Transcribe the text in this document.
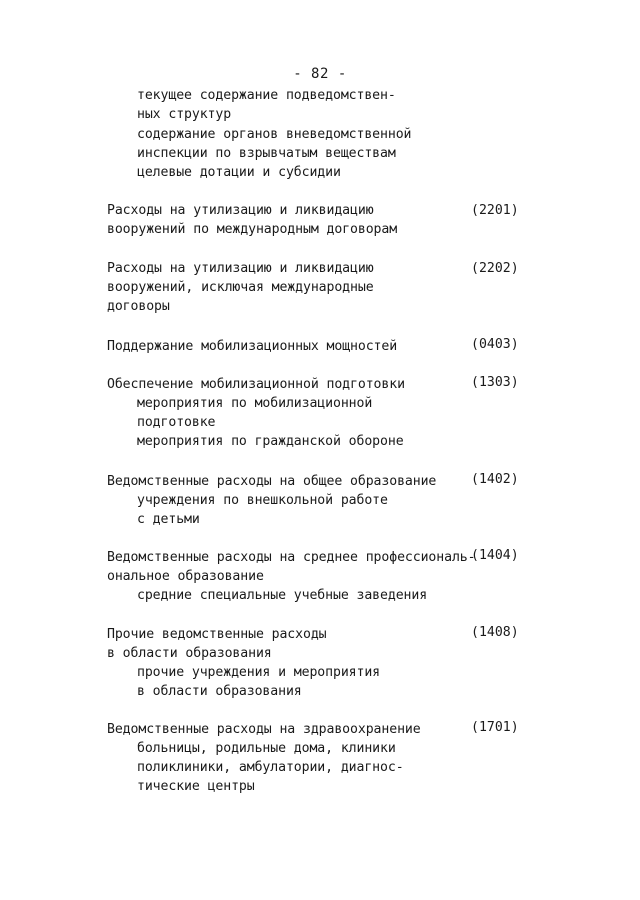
- 82 -
текущее содержание подведомствен-
ных структур
содержание органов вневедомственной
инспекции по взрывчатым веществам
целевые дотации и субсидии
Расходы на утилизацию и ликвидацию
вооружений по международным договорам
(2201)
Расходы на утилизацию и ликвидацию
вооружений, исключая международные
договоры
(2202)
Поддержание мобилизационных мощностей	(0403)
Обеспечение мобилизационной подготовки
мероприятия по мобилизационной
подготовке
мероприятия по гражданской обороне
(1303)
Ведомственные расходы на общее образование
учреждения по внешкольной работе
с детьми
(1402)
Ведомственные расходы на среднее профессиональ-
ональное образование
средние специальные учебные заведения
(1404)
Прочие ведомственные расходы
в области образования
прочие учреждения и мероприятия
в области образования
(1408)
Ведомственные расходы на здравоохранение
больницы, родильные дома, клиники
поликлиники, амбулатории, диагнос-
тические центры
(1701)
